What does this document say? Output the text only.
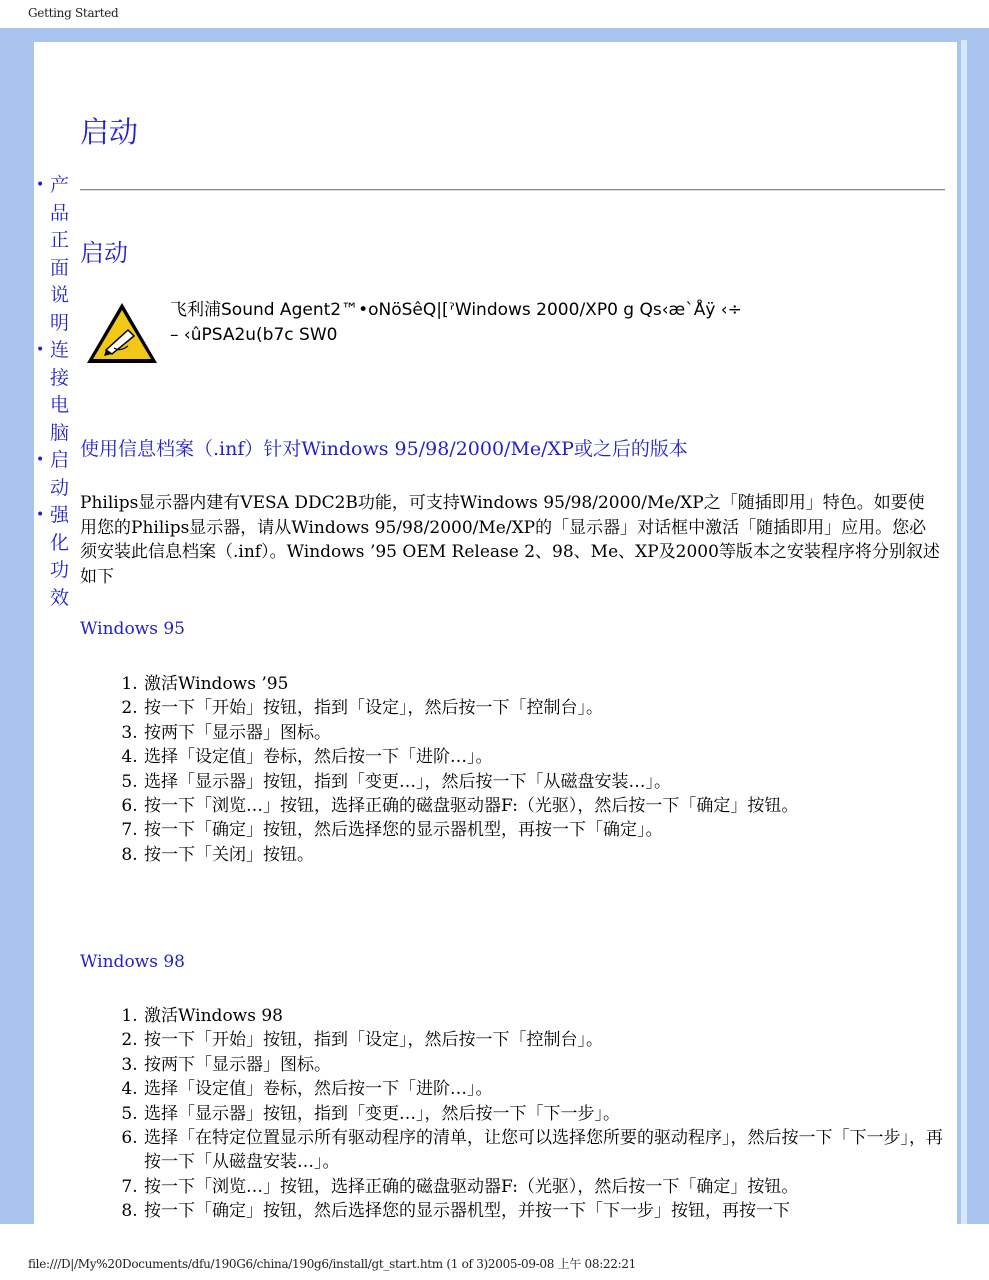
Getting Started
• 产品正面说明
• 连接电脑
• 启动
• 强化功效
启动
启动
飞利浦Sound Agent2™•oNöSêQ|[ˀWindows 2000/XP0 g Qs‹æ`Åÿ ‹÷
– ‹ûPSA2u(b7c SW0
使用信息档案（.inf）针对Windows 95/98/2000/Me/XP或之后的版本
Philips显示器内建有VESA DDC2B功能，可支持Windows 95/98/2000/Me/XP之「随插即用」特色。如要使用您的Philips显示器，请从Windows 95/98/2000/Me/XP的「显示器」对话框中激活「随插即用」应用。您必须安装此信息档案（.inf）。Windows ’95 OEM Release 2、98、Me、XP及2000等版本之安装程序将分别叙述如下
Windows 95
1. 激活Windows ’95
2. 按一下「开始」按钮，指到「设定」，然后按一下「控制台」。
3. 按两下「显示器」图标。
4. 选择「设定值」卷标，然后按一下「进阶…」。
5. 选择「显示器」按钮，指到「变更…」，然后按一下「从磁盘安装…」。
6. 按一下「浏览…」按钮，选择正确的磁盘驱动器F:（光驱），然后按一下「确定」按钮。
7. 按一下「确定」按钮，然后选择您的显示器机型，再按一下「确定」。
8. 按一下「关闭」按钮。
Windows 98
1. 激活Windows 98
2. 按一下「开始」按钮，指到「设定」，然后按一下「控制台」。
3. 按两下「显示器」图标。
4. 选择「设定值」卷标，然后按一下「进阶…」。
5. 选择「显示器」按钮，指到「变更…」，然后按一下「下一步」。
6. 选择「在特定位置显示所有驱动程序的清单，让您可以选择您所要的驱动程序」，然后按一下「下一步」，再按一下「从磁盘安装…」。
7. 按一下「浏览…」按钮，选择正确的磁盘驱动器F:（光驱），然后按一下「确定」按钮。
8. 按一下「确定」按钮，然后选择您的显示器机型，并按一下「下一步」按钮，再按一下
file:///D|/My%20Documents/dfu/190G6/china/190g6/install/gt_start.htm (1 of 3)2005-09-08 上午 08:22:21
